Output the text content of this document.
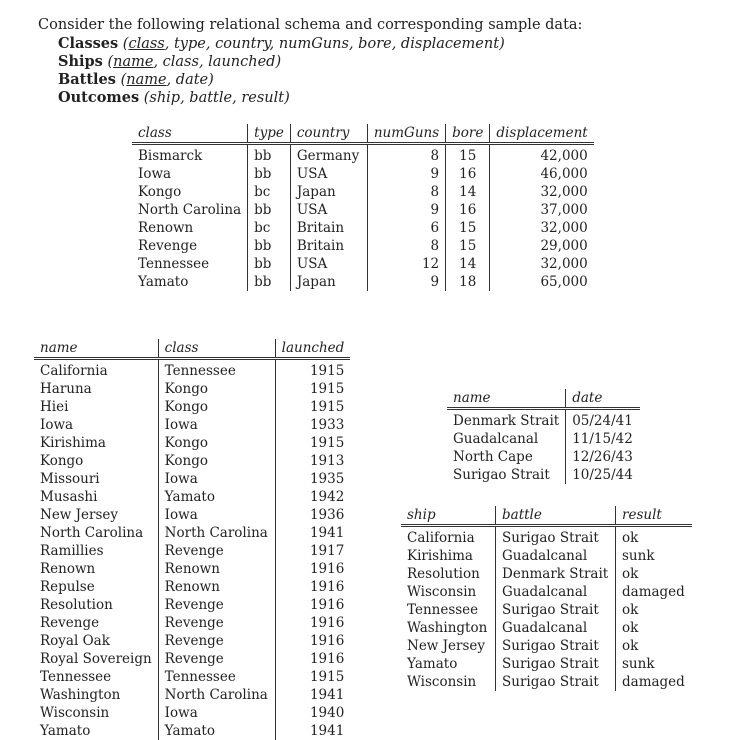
Consider the following relational schema and corresponding sample data:
Classes (class, type, country, numGuns, bore, displacement)
Ships (name, class, launched)
Battles (name, date)
Outcomes (ship, battle, result)
class	type	country	numGuns	bore	displacement
Bismarck	bb	Germany	8	15	42,000
Iowa	bb	USA	9	16	46,000
Kongo	bc	Japan	8	14	32,000
North Carolina	bb	USA	9	16	37,000
Renown	bc	Britain	6	15	32,000
Revenge	bb	Britain	8	15	29,000
Tennessee	bb	USA	12	14	32,000
Yamato	bb	Japan	9	18	65,000
name	class	launched
California	Tennessee	1915
Haruna	Kongo	1915
Hiei	Kongo	1915
Iowa	Iowa	1933
Kirishima	Kongo	1915
Kongo	Kongo	1913
Missouri	Iowa	1935
Musashi	Yamato	1942
New Jersey	Iowa	1936
North Carolina	North Carolina	1941
Ramillies	Revenge	1917
Renown	Renown	1916
Repulse	Renown	1916
Resolution	Revenge	1916
Revenge	Revenge	1916
Royal Oak	Revenge	1916
Royal Sovereign	Revenge	1916
Tennessee	Tennessee	1915
Washington	North Carolina	1941
Wisconsin	Iowa	1940
Yamato	Yamato	1941
name	date
Denmark Strait	05/24/41
Guadalcanal	11/15/42
North Cape	12/26/43
Surigao Strait	10/25/44
ship	battle	result
California	Surigao Strait	ok
Kirishima	Guadalcanal	sunk
Resolution	Denmark Strait	ok
Wisconsin	Guadalcanal	damaged
Tennessee	Surigao Strait	ok
Washington	Guadalcanal	ok
New Jersey	Surigao Strait	ok
Yamato	Surigao Strait	sunk
Wisconsin	Surigao Strait	damaged
